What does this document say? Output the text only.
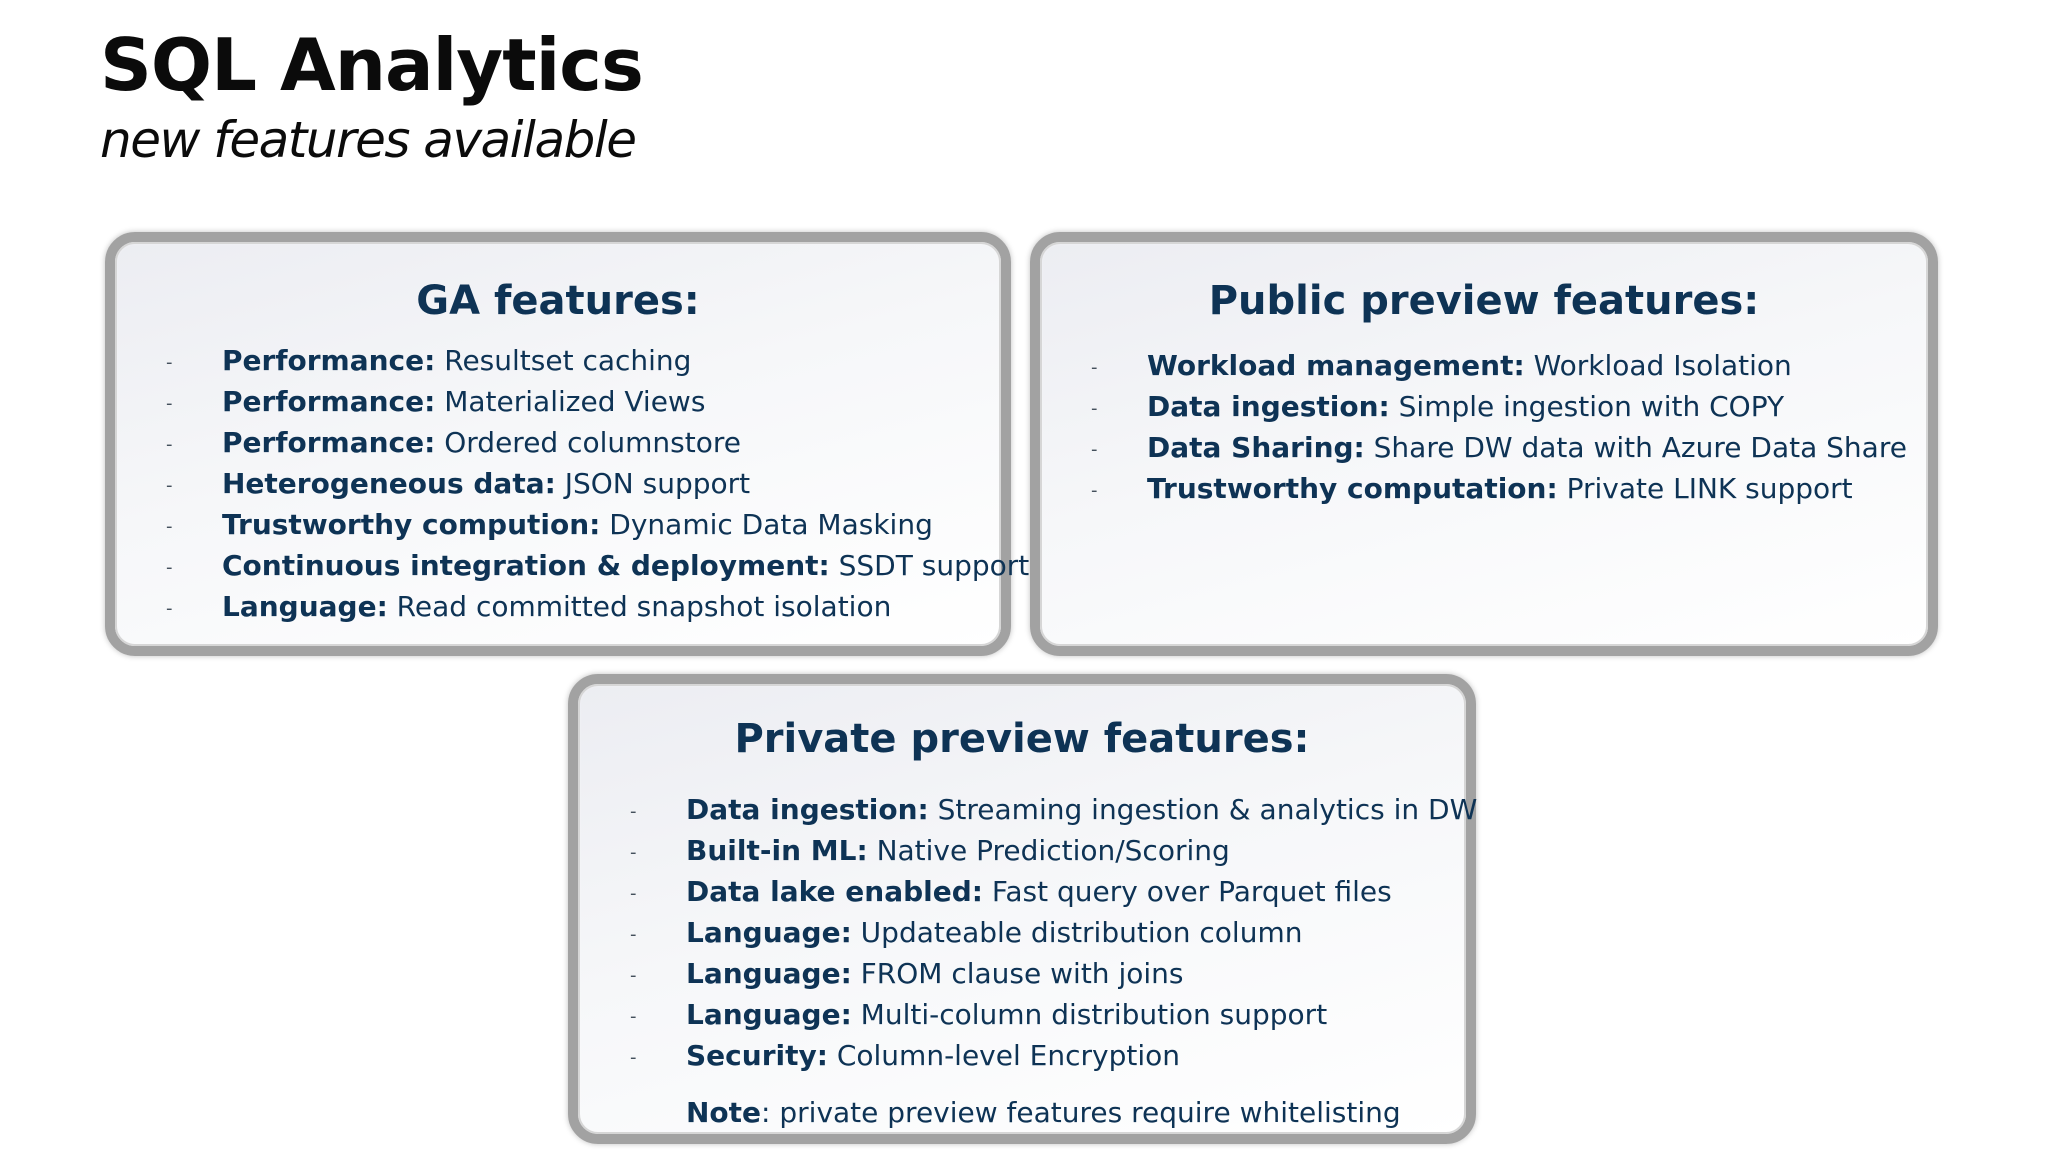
SQL Analytics
new features available
GA features:
- Performance: Resultset caching
- Performance: Materialized Views
- Performance: Ordered columnstore
- Heterogeneous data: JSON support
- Trustworthy compution: Dynamic Data Masking
- Continuous integration & deployment: SSDT support
- Language: Read committed snapshot isolation
Public preview features:
- Workload management: Workload Isolation
- Data ingestion: Simple ingestion with COPY
- Data Sharing: Share DW data with Azure Data Share
- Trustworthy computation: Private LINK support
Private preview features:
- Data ingestion: Streaming ingestion & analytics in DW
- Built-in ML: Native Prediction/Scoring
- Data lake enabled: Fast query over Parquet files
- Language: Updateable distribution column
- Language: FROM clause with joins
- Language: Multi-column distribution support
- Security: Column-level Encryption
Note: private preview features require whitelisting
